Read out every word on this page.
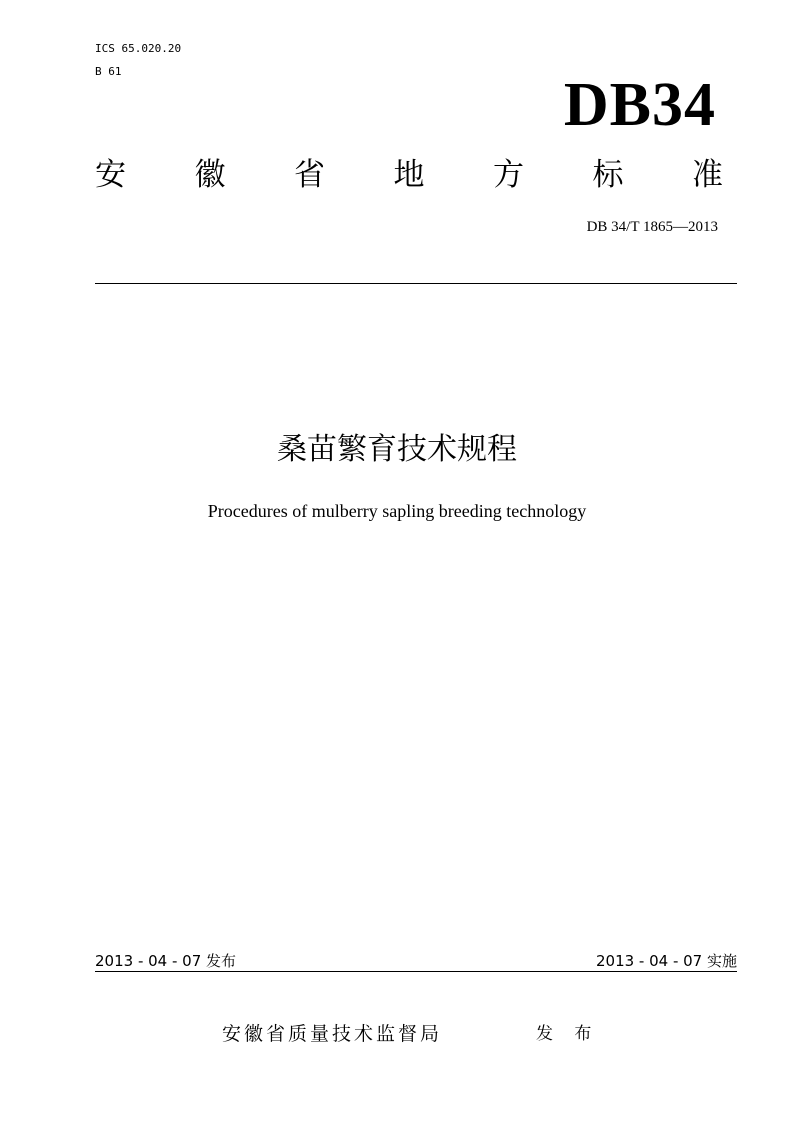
ICS 65.020.20
B 61	DB34
安 徽 省 地 方 标 准
DB 34/T 1865—2013
桑苗繁育技术规程
Procedures of mulberry sapling breeding technology
2013 - 04 - 07 发布	2013 - 04 - 07 实施
安徽省质量技术监督局	发 布
